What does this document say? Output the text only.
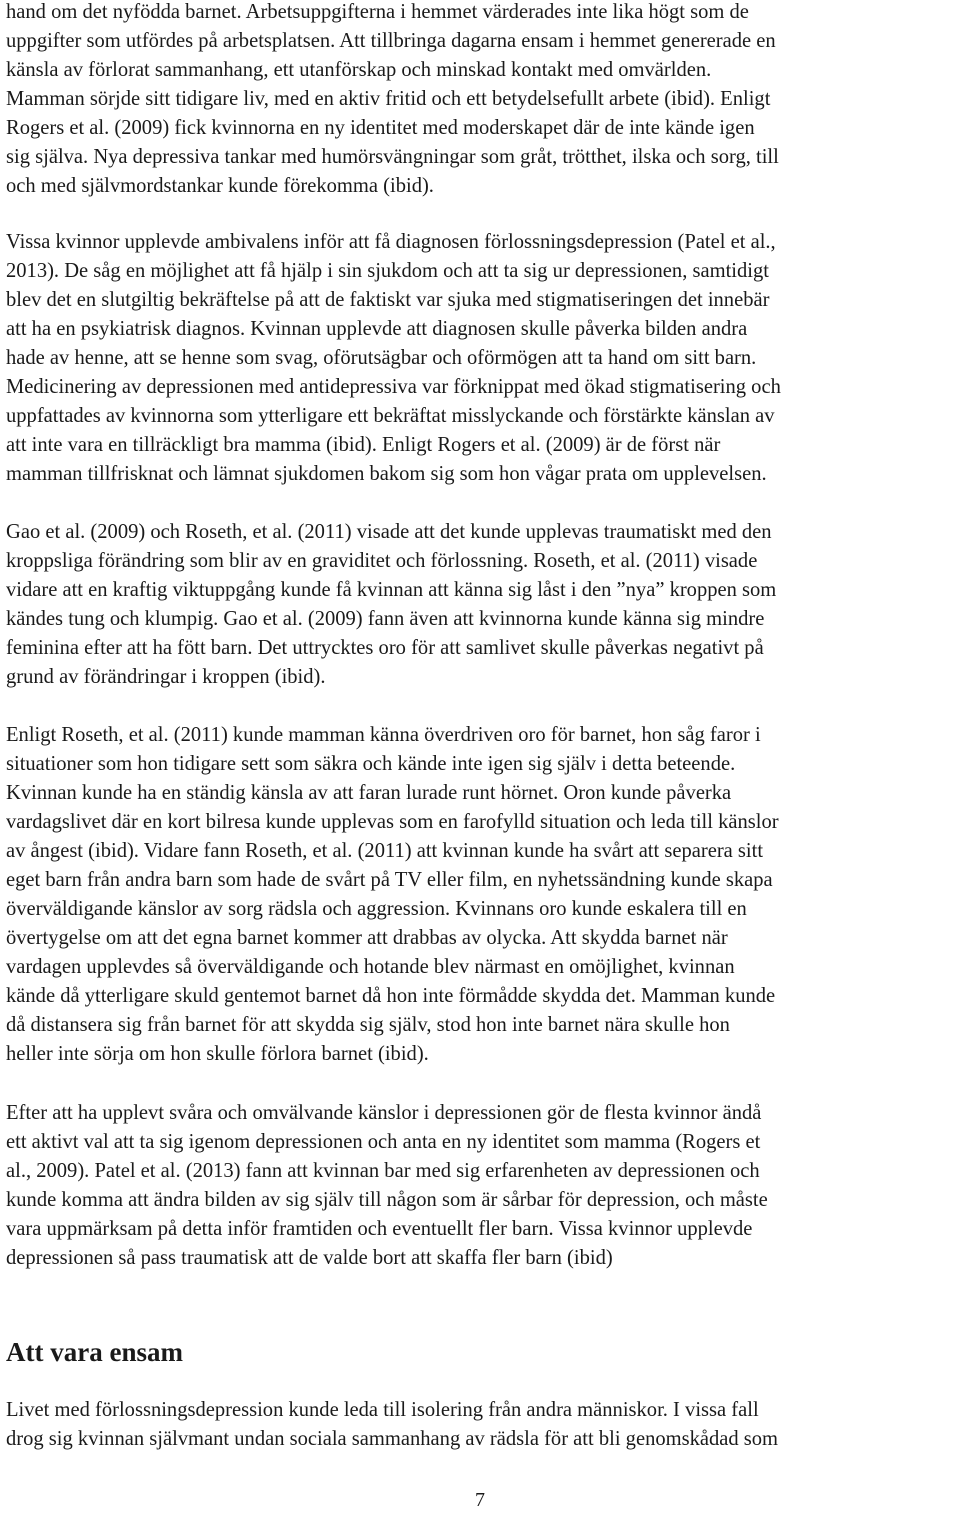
hand om det nyfödda barnet. Arbetsuppgifterna i hemmet värderades inte lika högt som de
uppgifter som utfördes på arbetsplatsen. Att tillbringa dagarna ensam i hemmet genererade en
känsla av förlorat sammanhang, ett utanförskap och minskad kontakt med omvärlden.
Mamman sörjde sitt tidigare liv, med en aktiv fritid och ett betydelsefullt arbete (ibid). Enligt
Rogers et al. (2009) fick kvinnorna en ny identitet med moderskapet där de inte kände igen
sig själva. Nya depressiva tankar med humörsvängningar som gråt, trötthet, ilska och sorg, till
och med självmordstankar kunde förekomma (ibid).
Vissa kvinnor upplevde ambivalens inför att få diagnosen förlossningsdepression (Patel et al.,
2013). De såg en möjlighet att få hjälp i sin sjukdom och att ta sig ur depressionen, samtidigt
blev det en slutgiltig bekräftelse på att de faktiskt var sjuka med stigmatiseringen det innebär
att ha en psykiatrisk diagnos. Kvinnan upplevde att diagnosen skulle påverka bilden andra
hade av henne, att se henne som svag, oförutsägbar och oförmögen att ta hand om sitt barn.
Medicinering av depressionen med antidepressiva var förknippat med ökad stigmatisering och
uppfattades av kvinnorna som ytterligare ett bekräftat misslyckande och förstärkte känslan av
att inte vara en tillräckligt bra mamma (ibid). Enligt Rogers et al. (2009) är de först när
mamman tillfrisknat och lämnat sjukdomen bakom sig som hon vågar prata om upplevelsen.
Gao et al. (2009) och Roseth, et al. (2011) visade att det kunde upplevas traumatiskt med den
kroppsliga förändring som blir av en graviditet och förlossning. Roseth, et al. (2011) visade
vidare att en kraftig viktuppgång kunde få kvinnan att känna sig låst i den ”nya” kroppen som
kändes tung och klumpig. Gao et al. (2009) fann även att kvinnorna kunde känna sig mindre
feminina efter att ha fött barn. Det uttrycktes oro för att samlivet skulle påverkas negativt på
grund av förändringar i kroppen (ibid).
Enligt Roseth, et al. (2011) kunde mamman känna överdriven oro för barnet, hon såg faror i
situationer som hon tidigare sett som säkra och kände inte igen sig själv i detta beteende.
Kvinnan kunde ha en ständig känsla av att faran lurade runt hörnet. Oron kunde påverka
vardagslivet där en kort bilresa kunde upplevas som en farofylld situation och leda till känslor
av ångest (ibid). Vidare fann Roseth, et al. (2011) att kvinnan kunde ha svårt att separera sitt
eget barn från andra barn som hade de svårt på TV eller film, en nyhetssändning kunde skapa
överväldigande känslor av sorg rädsla och aggression. Kvinnans oro kunde eskalera till en
övertygelse om att det egna barnet kommer att drabbas av olycka. Att skydda barnet när
vardagen upplevdes så överväldigande och hotande blev närmast en omöjlighet, kvinnan
kände då ytterligare skuld gentemot barnet då hon inte förmådde skydda det. Mamman kunde
då distansera sig från barnet för att skydda sig själv, stod hon inte barnet nära skulle hon
heller inte sörja om hon skulle förlora barnet (ibid).
Efter att ha upplevt svåra och omvälvande känslor i depressionen gör de flesta kvinnor ändå
ett aktivt val att ta sig igenom depressionen och anta en ny identitet som mamma (Rogers et
al., 2009). Patel et al. (2013) fann att kvinnan bar med sig erfarenheten av depressionen och
kunde komma att ändra bilden av sig själv till någon som är sårbar för depression, och måste
vara uppmärksam på detta inför framtiden och eventuellt fler barn. Vissa kvinnor upplevde
depressionen så pass traumatisk att de valde bort att skaffa fler barn (ibid)
Att vara ensam
Livet med förlossningsdepression kunde leda till isolering från andra människor. I vissa fall
drog sig kvinnan självmant undan sociala sammanhang av rädsla för att bli genomskådad som
7
